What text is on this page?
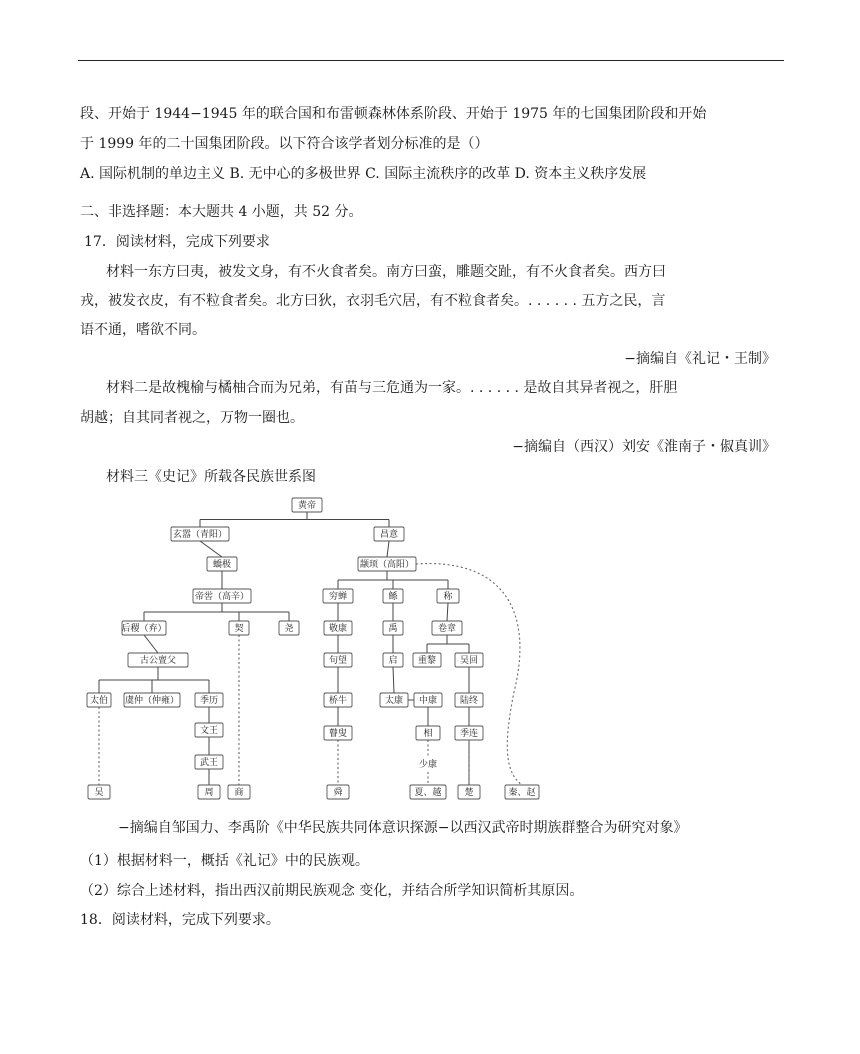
段、开始于 1944−1945 年的联合国和布雷顿森林体系阶段、开始于 1975 年的七国集团阶段和开始
于 1999 年的二十国集团阶段。以下符合该学者划分标准的是（）
A. 国际机制的单边主义 B. 无中心的多极世界 C. 国际主流秩序的改革 D. 资本主义秩序发展
二、非选择题：本大题共 4 小题，共 52 分。
17．阅读材料，完成下列要求
材料一东方曰夷，被发文身，有不火食者矣。南方曰蛮，雕题交趾，有不火食者矣。西方曰
戎，被发衣皮，有不粒食者矣。北方曰狄，衣羽毛穴居，有不粒食者矣。. . . . . . 五方之民，言
语不通，嗜欲不同。
−摘编自《礼记・王制》
材料二是故槐榆与橘柚合而为兄弟，有苗与三危通为一家。. . . . . . 是故自其异者视之，肝胆
胡越；自其同者视之，万物一圈也。
−摘编自（西汉）刘安《淮南子・俶真训》
材料三《史记》所载各民族世系图
黄帝
玄嚣（青阳）	昌意
蟜极	颛顼（高阳）
帝喾（高辛）
后稷（弃）	契	尧
古公亶父
太伯 虞仲（仲雍） 季历
文王
武王
吴	周 商
穷蝉	鲧	称
敬康	禹	卷章
句望	启 重黎	吴回
桥牛	太康 中康	陆终
瞽叟	相	季连
少康
舜	夏、越	楚	秦、赵
−摘编自邹国力、李禹阶《中华民族共同体意识探源−以西汉武帝时期族群整合为研究对象》
（1）根据材料一，概括《礼记》中的民族观。
（2）综合上述材料，指出西汉前期民族观念 变化，并结合所学知识简析其原因。
18．阅读材料，完成下列要求。
